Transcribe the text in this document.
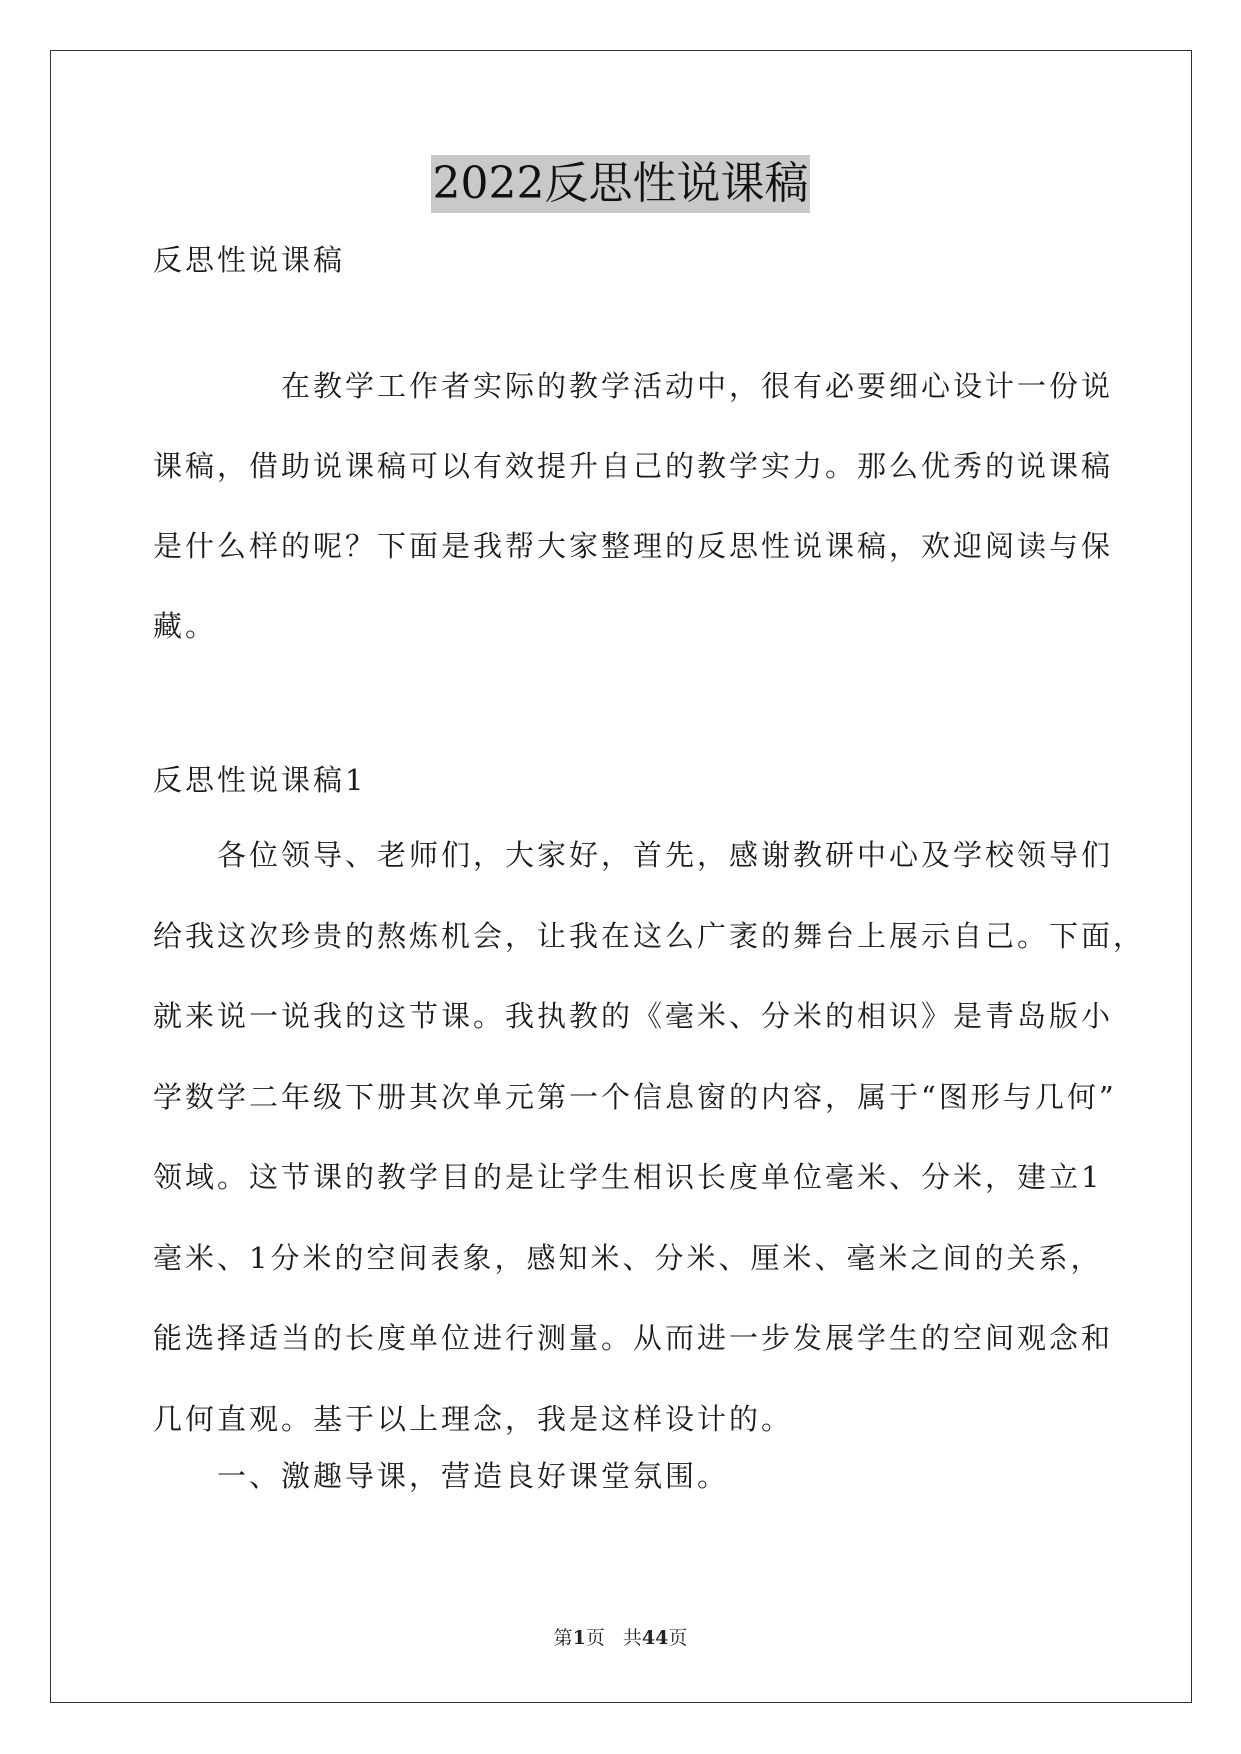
2022反思性说课稿

反思性说课稿

　　　　在教学工作者实际的教学活动中，很有必要细心设计一份说
课稿，借助说课稿可以有效提升自己的教学实力。那么优秀的说课稿
是什么样的呢？下面是我帮大家整理的反思性说课稿，欢迎阅读与保
藏。

反思性说课稿1

　　各位领导、老师们，大家好，首先，感谢教研中心及学校领导们
给我这次珍贵的熬炼机会，让我在这么广袤的舞台上展示自己。下面，
就来说一说我的这节课。我执教的《毫米、分米的相识》是青岛版小
学数学二年级下册其次单元第一个信息窗的内容，属于“图形与几何”
领域。这节课的教学目的是让学生相识长度单位毫米、分米，建立1
毫米、1分米的空间表象，感知米、分米、厘米、毫米之间的关系，
能选择适当的长度单位进行测量。从而进一步发展学生的空间观念和
几何直观。基于以上理念，我是这样设计的。

　　一、激趣导课，营造良好课堂氛围。

第1页 共44页
